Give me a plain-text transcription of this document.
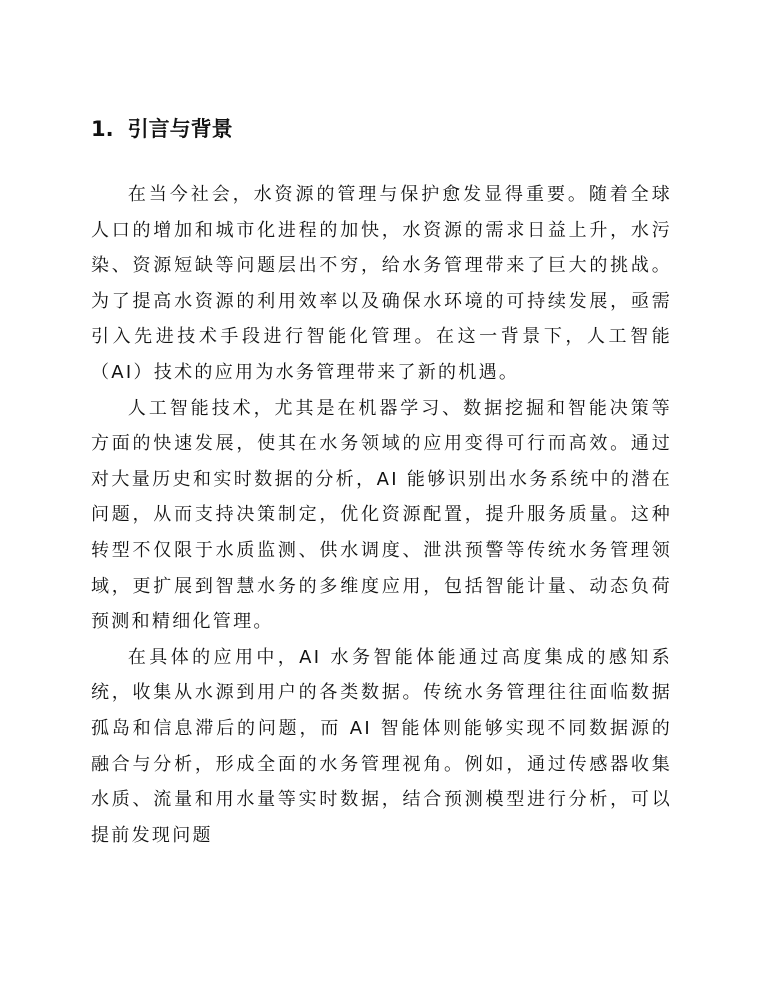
1. 引言与背景

在当今社会，水资源的管理与保护愈发显得重要。随着全球人口的增加和城市化进程的加快，水资源的需求日益上升，水污染、资源短缺等问题层出不穷，给水务管理带来了巨大的挑战。为了提高水资源的利用效率以及确保水环境的可持续发展，亟需引入先进技术手段进行智能化管理。在这一背景下，人工智能（AI）技术的应用为水务管理带来了新的机遇。

人工智能技术，尤其是在机器学习、数据挖掘和智能决策等方面的快速发展，使其在水务领域的应用变得可行而高效。通过对大量历史和实时数据的分析，AI 能够识别出水务系统中的潜在问题，从而支持决策制定，优化资源配置，提升服务质量。这种转型不仅限于水质监测、供水调度、泄洪预警等传统水务管理领域，更扩展到智慧水务的多维度应用，包括智能计量、动态负荷预测和精细化管理。

在具体的应用中，AI 水务智能体能通过高度集成的感知系统，收集从水源到用户的各类数据。传统水务管理往往面临数据孤岛和信息滞后的问题，而 AI 智能体则能够实现不同数据源的融合与分析，形成全面的水务管理视角。例如，通过传感器收集水质、流量和用水量等实时数据，结合预测模型进行分析，可以提前发现问题
